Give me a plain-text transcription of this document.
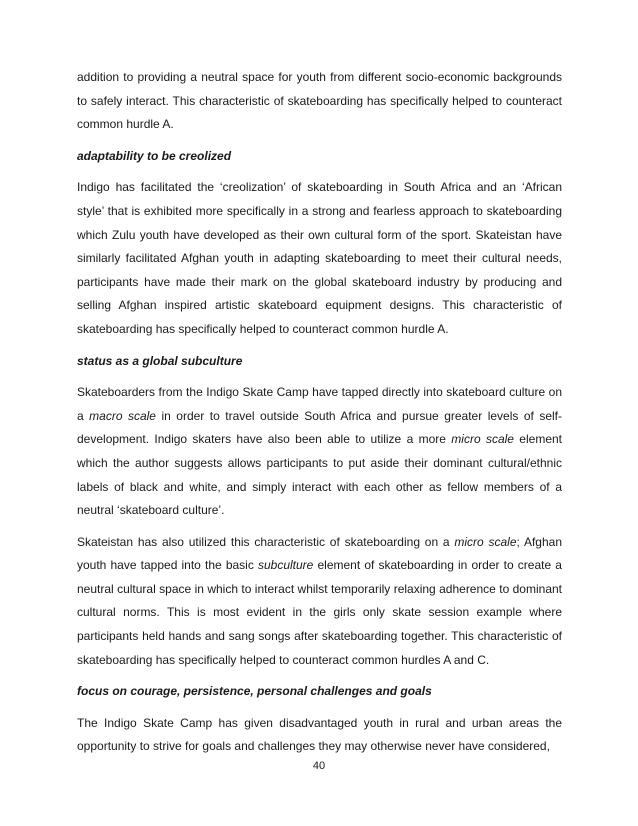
addition to providing a neutral space for youth from different socio-economic backgrounds to safely interact. This characteristic of skateboarding has specifically helped to counteract common hurdle A.

adaptability to be creolized

Indigo has facilitated the ‘creolization’ of skateboarding in South Africa and an ‘African style’ that is exhibited more specifically in a strong and fearless approach to skateboarding which Zulu youth have developed as their own cultural form of the sport. Skateistan have similarly facilitated Afghan youth in adapting skateboarding to meet their cultural needs, participants have made their mark on the global skateboard industry by producing and selling Afghan inspired artistic skateboard equipment designs. This characteristic of skateboarding has specifically helped to counteract common hurdle A.

status as a global subculture

Skateboarders from the Indigo Skate Camp have tapped directly into skateboard culture on a macro scale in order to travel outside South Africa and pursue greater levels of self-development. Indigo skaters have also been able to utilize a more micro scale element which the author suggests allows participants to put aside their dominant cultural/ethnic labels of black and white, and simply interact with each other as fellow members of a neutral ‘skateboard culture’.

Skateistan has also utilized this characteristic of skateboarding on a micro scale; Afghan youth have tapped into the basic subculture element of skateboarding in order to create a neutral cultural space in which to interact whilst temporarily relaxing adherence to dominant cultural norms. This is most evident in the girls only skate session example where participants held hands and sang songs after skateboarding together. This characteristic of skateboarding has specifically helped to counteract common hurdles A and C.

focus on courage, persistence, personal challenges and goals

The Indigo Skate Camp has given disadvantaged youth in rural and urban areas the opportunity to strive for goals and challenges they may otherwise never have considered,

40
